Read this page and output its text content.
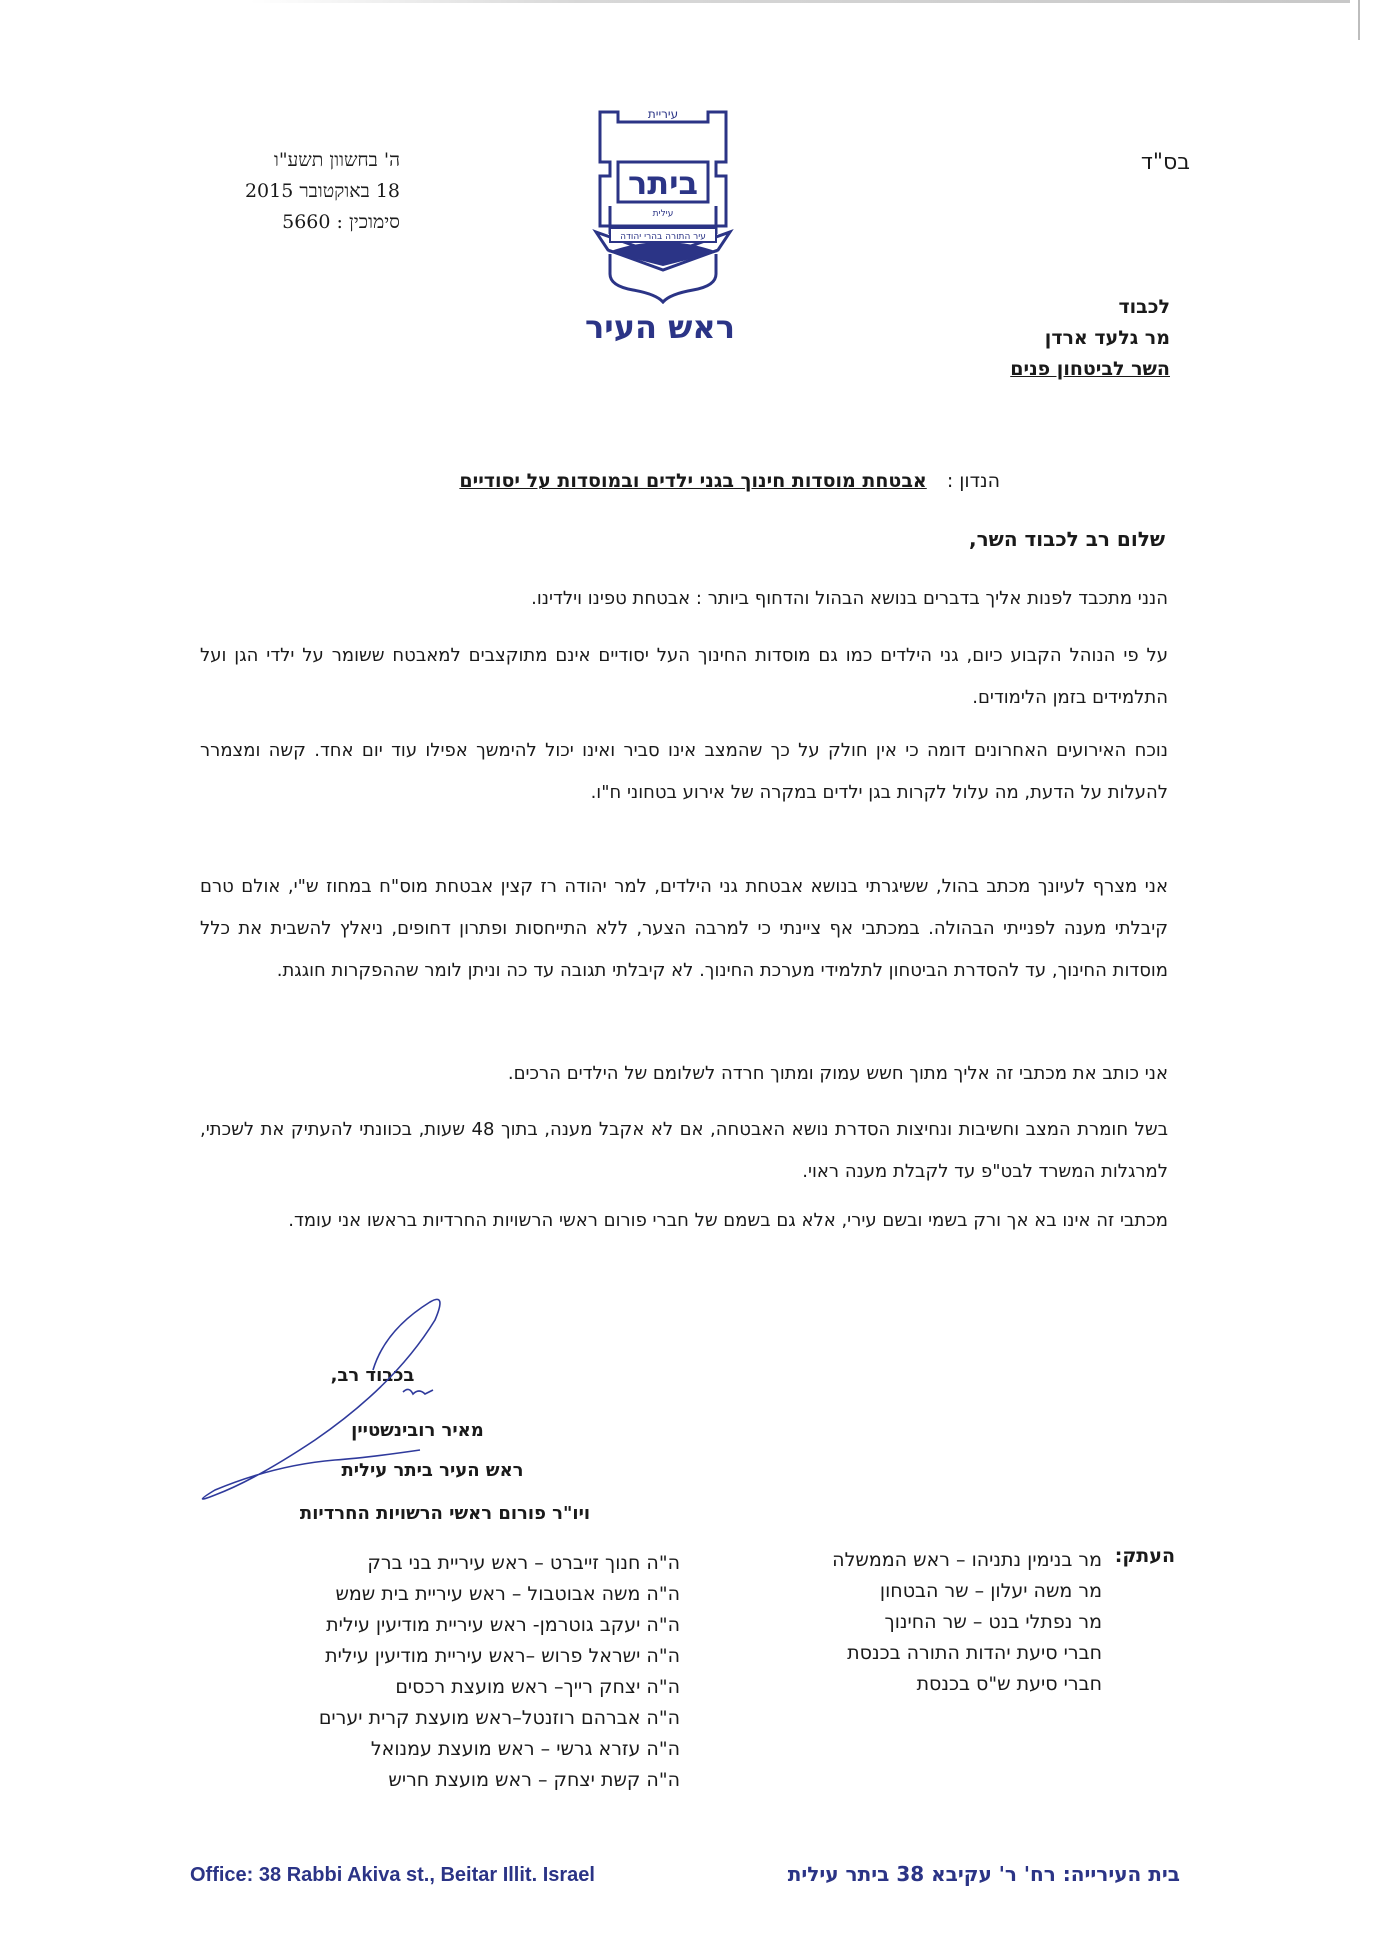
בס"ד
ה' בחשוון תשע"ו
18 באוקטובר 2015
סימוכין : 5660
עיריית
ביתר
עילית
עיר התורה בהרי יהודה
ראש העיר
לכבוד
מר גלעד ארדן
השר לביטחון פנים
הנדון : אבטחת מוסדות חינוך בגני ילדים ובמוסדות על יסודיים
שלום רב לכבוד השר,
הנני מתכבד לפנות אליך בדברים בנושא הבהול והדחוף ביותר : אבטחת טפינו וילדינו.
על פי הנוהל הקבוע כיום, גני הילדים כמו גם מוסדות החינוך העל יסודיים אינם מתוקצבים למאבטח ששומר על ילדי הגן ועל התלמידים בזמן הלימודים.
נוכח האירועים האחרונים דומה כי אין חולק על כך שהמצב אינו סביר ואינו יכול להימשך אפילו עוד יום אחד. קשה ומצמרר להעלות על הדעת, מה עלול לקרות בגן ילדים במקרה של אירוע בטחוני ח"ו.
אני מצרף לעיונך מכתב בהול, ששיגרתי בנושא אבטחת גני הילדים, למר יהודה רז קצין אבטחת מוס"ח במחוז ש"י, אולם טרם קיבלתי מענה לפנייתי הבהולה. במכתבי אף ציינתי כי למרבה הצער, ללא התייחסות ופתרון דחופים, ניאלץ להשבית את כלל מוסדות החינוך, עד להסדרת הביטחון לתלמידי מערכת החינוך. לא קיבלתי תגובה עד כה וניתן לומר שההפקרות חוגגת.
אני כותב את מכתבי זה אליך מתוך חשש עמוק ומתוך חרדה לשלומם של הילדים הרכים.
בשל חומרת המצב וחשיבות ונחיצות הסדרת נושא האבטחה, אם לא אקבל מענה, בתוך 48 שעות, בכוונתי להעתיק את לשכתי, למרגלות המשרד לבט"פ עד לקבלת מענה ראוי.
מכתבי זה אינו בא אך ורק בשמי ובשם עירי, אלא גם בשמם של חברי פורום ראשי הרשויות החרדיות בראשו אני עומד.
בכבוד רב,
מאיר רובינשטיין
ראש העיר ביתר עילית
ויו"ר פורום ראשי הרשויות החרדיות
העתק:
מר בנימין נתניהו – ראש הממשלה
מר משה יעלון – שר הבטחון
מר נפתלי בנט – שר החינוך
חברי סיעת יהדות התורה בכנסת
חברי סיעת ש"ס בכנסת
ה"ה חנוך זייברט – ראש עיריית בני ברק
ה"ה משה אבוטבול – ראש עיריית בית שמש
ה"ה יעקב גוטרמן- ראש עיריית מודיעין עילית
ה"ה ישראל פרוש –ראש עיריית מודיעין עילית
ה"ה יצחק רייך– ראש מועצת רכסים
ה"ה אברהם רוזנטל–ראש מועצת קרית יערים
ה"ה עזרא גרשי – ראש מועצת עמנואל
ה"ה קשת יצחק – ראש מועצת חריש
Office: 38 Rabbi Akiva st., Beitar Illit. Israel	בית העירייה: רח' ר' עקיבא 38 ביתר עילית
